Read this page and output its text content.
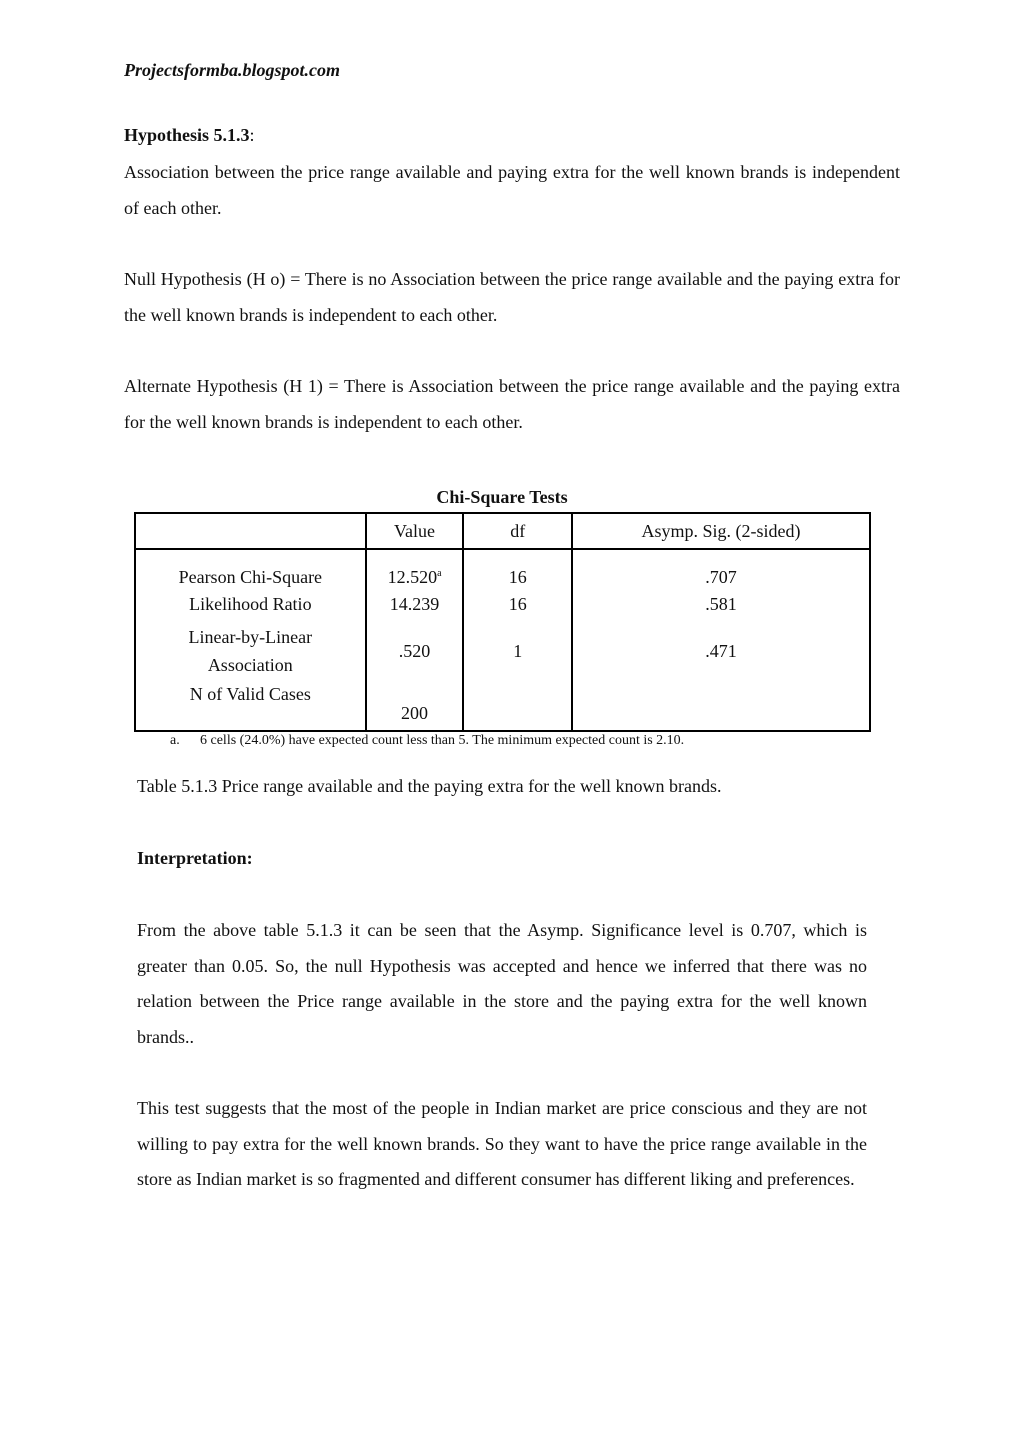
Projectsformba.blogspot.com
Hypothesis 5.1.3:
Association between the price range available and paying extra for the well known brands is independent of each other.
Null Hypothesis (H o) = There is no Association between the price range available and the paying extra for the well known brands is independent to each other.
Alternate Hypothesis (H 1) = There is Association between the price range available and the paying extra for the well known brands is independent to each other.
Chi-Square Tests
	Value	df	Asymp. Sig. (2-sided)
Pearson Chi-Square	12.520$^a$	16	.707
Likelihood Ratio	14.239	16	.581

Linear-by-Linear Association	.520	1	.471
N of Valid Cases	200		
a. 6 cells (24.0%) have expected count less than 5. The minimum expected count is 2.10.
Table 5.1.3 Price range available and the paying extra for the well known brands.
Interpretation:
From the above table 5.1.3 it can be seen that the Asymp. Significance level is 0.707, which is greater than 0.05. So, the null Hypothesis was accepted and hence we inferred that there was no relation between the Price range available in the store and the paying extra for the well known brands..
This test suggests that the most of the people in Indian market are price conscious and they are not willing to pay extra for the well known brands. So they want to have the price range available in the store as Indian market is so fragmented and different consumer has different liking and preferences.
